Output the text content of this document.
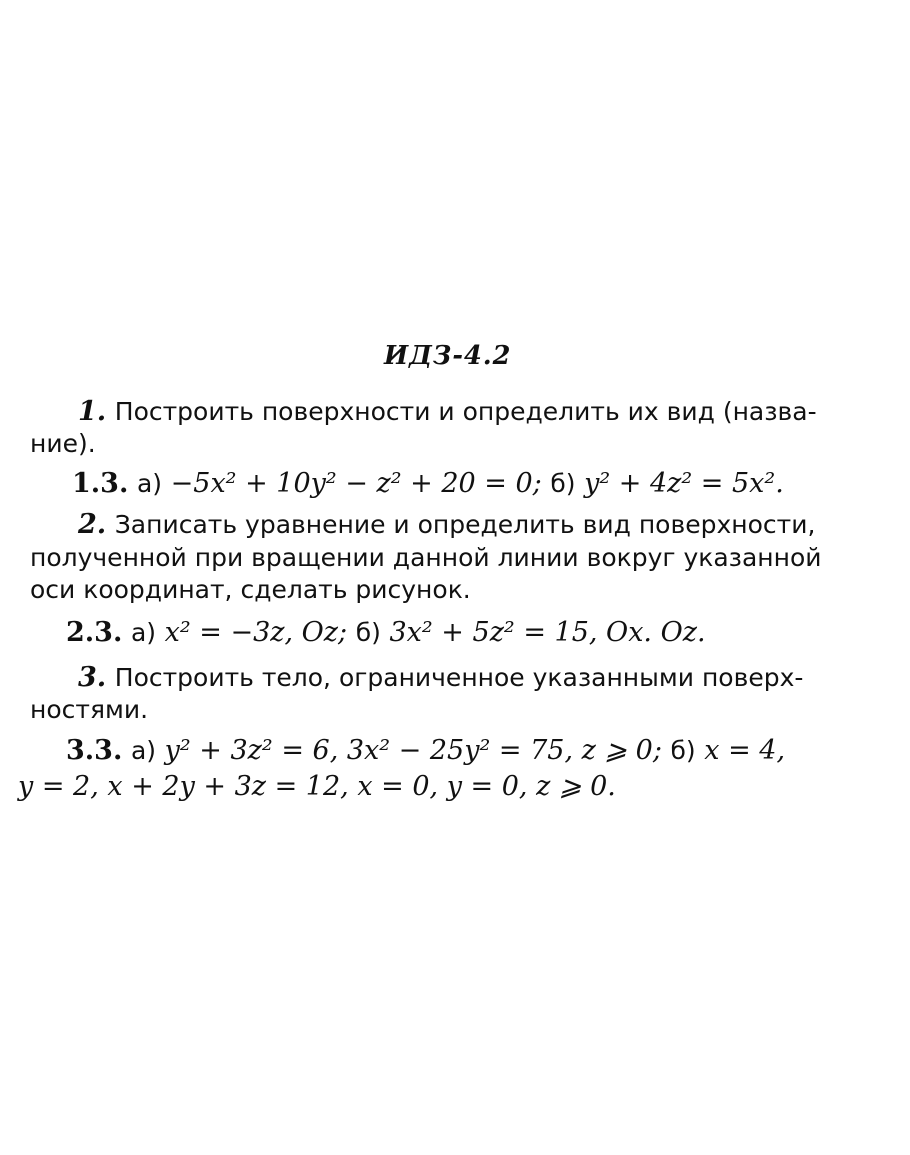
ИДЗ-4.2
1. Построить поверхности и определить их вид (назва-
ние).
1.3. а) −5x² + 10y² − z² + 20 = 0; б) y² + 4z² = 5x².
2. Записать уравнение и определить вид поверхности,
полученной при вращении данной линии вокруг указанной
оси координат, сделать рисунок.
2.3. а) x² = −3z, Oz; б) 3x² + 5z² = 15, Ox. Oz.
3. Построить тело, ограниченное указанными поверх-
ностями.
3.3. а) y² + 3z² = 6, 3x² − 25y² = 75, z ⩾ 0; б) x = 4,
y = 2, x + 2y + 3z = 12, x = 0, y = 0, z ⩾ 0.
